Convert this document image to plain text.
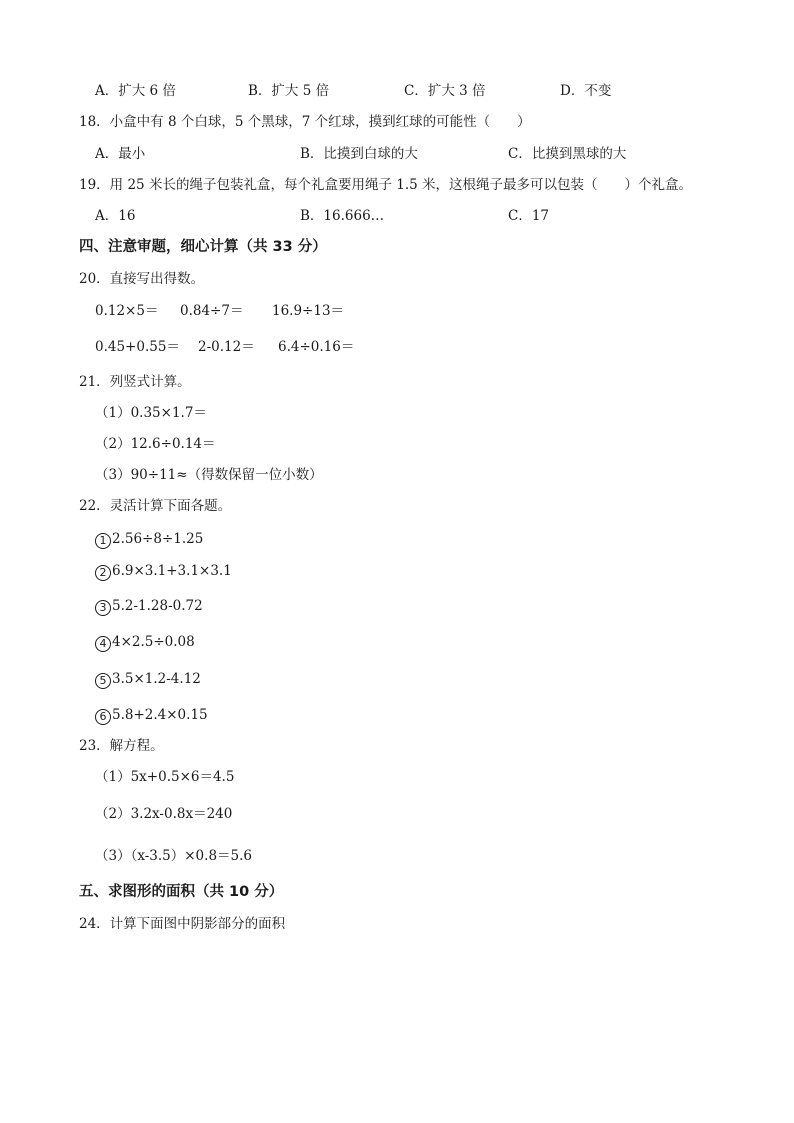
A．扩大 6 倍	B．扩大 5 倍	C．扩大 3 倍	D．不变
18．小盒中有 8 个白球，5 个黑球，7 个红球，摸到红球的可能性（　　）
A．最小	B．比摸到白球的大	C．比摸到黑球的大
19．用 25 米长的绳子包装礼盒，每个礼盒要用绳子 1.5 米，这根绳子最多可以包装（　　）个礼盒。
A．16	B．16.666…	C．17
四、注意审题，细心计算（共 33 分）
20．直接写出得数。
0.12×5＝ 0.84÷7＝ 16.9÷13＝
0.45+0.55＝ 2-0.12＝ 6.4÷0.16＝
21．列竖式计算。
（1）0.35×1.7＝
（2）12.6÷0.14＝
（3）90÷11≈（得数保留一位小数）
22．灵活计算下面各题。
1 2.56÷8÷1.25
2 6.9×3.1+3.1×3.1
3 5.2-1.28-0.72
4 4×2.5÷0.08
5 3.5×1.2-4.12
6 5.8+2.4×0.15
23．解方程。
（1）5x+0.5×6＝4.5
（2）3.2x-0.8x＝240
（3）（x-3.5）×0.8＝5.6
五、求图形的面积（共 10 分）
24．计算下面图中阴影部分的面积
